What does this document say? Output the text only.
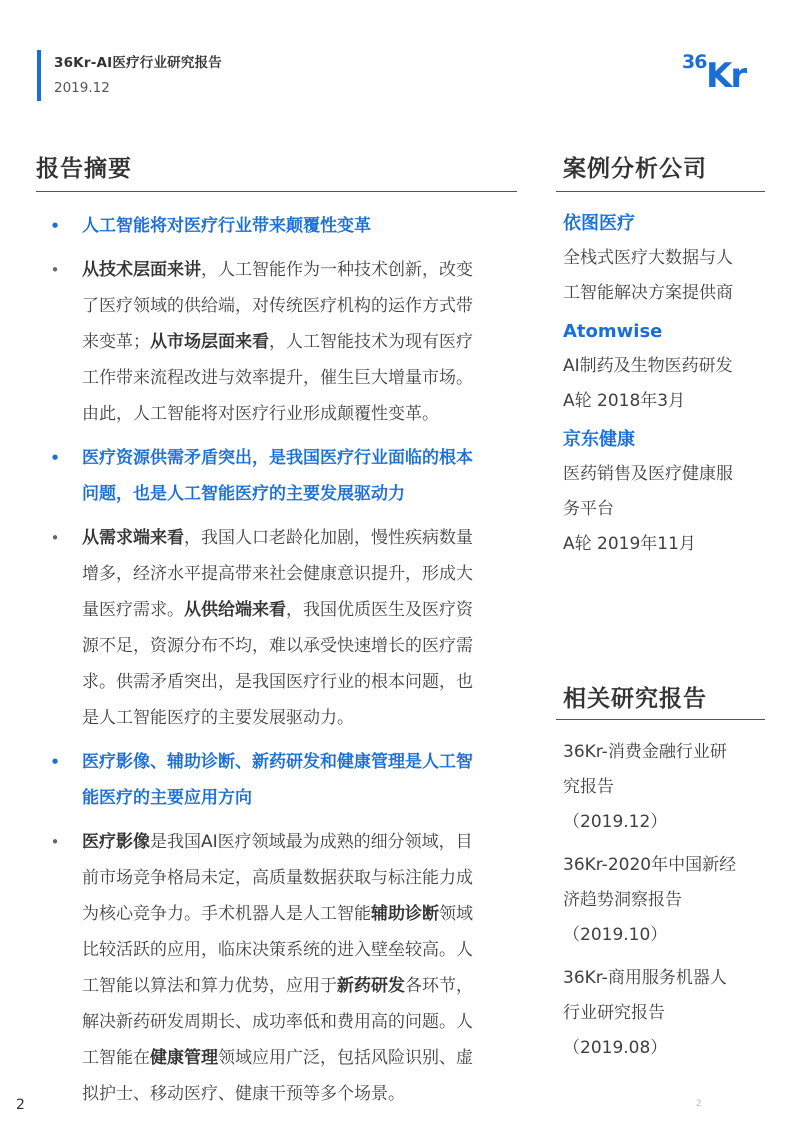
36Kr-AI医疗行业研究报告
2019.12
36 Kr
报告摘要
• 人工智能将对医疗行业带来颠覆性变革
• 从技术层面来讲，人工智能作为一种技术创新，改变
了医疗领域的供给端，对传统医疗机构的运作方式带
来变革；从市场层面来看，人工智能技术为现有医疗
工作带来流程改进与效率提升，催生巨大增量市场。
由此，人工智能将对医疗行业形成颠覆性变革。
• 医疗资源供需矛盾突出，是我国医疗行业面临的根本
问题，也是人工智能医疗的主要发展驱动力
• 从需求端来看，我国人口老龄化加剧，慢性疾病数量
增多，经济水平提高带来社会健康意识提升，形成大
量医疗需求。从供给端来看，我国优质医生及医疗资
源不足，资源分布不均，难以承受快速增长的医疗需
求。供需矛盾突出，是我国医疗行业的根本问题，也
是人工智能医疗的主要发展驱动力。
• 医疗影像、辅助诊断、新药研发和健康管理是人工智
能医疗的主要应用方向
• 医疗影像是我国AI医疗领域最为成熟的细分领域，目
前市场竞争格局未定，高质量数据获取与标注能力成
为核心竞争力。手术机器人是人工智能辅助诊断领域
比较活跃的应用，临床决策系统的进入壁垒较高。人
工智能以算法和算力优势，应用于新药研发各环节，
解决新药研发周期长、成功率低和费用高的问题。人
工智能在健康管理领域应用广泛，包括风险识别、虚
拟护士、移动医疗、健康干预等多个场景。
案例分析公司
依图医疗
全栈式医疗大数据与人
工智能解决方案提供商
Atomwise
AI制药及生物医药研发
A轮 2018年3月
京东健康
医药销售及医疗健康服
务平台
A轮 2019年11月
相关研究报告
36Kr-消费金融行业研
究报告
（2019.12）
36Kr-2020年中国新经
济趋势洞察报告
（2019.10）
36Kr-商用服务机器人
行业研究报告
（2019.08）
2	2
